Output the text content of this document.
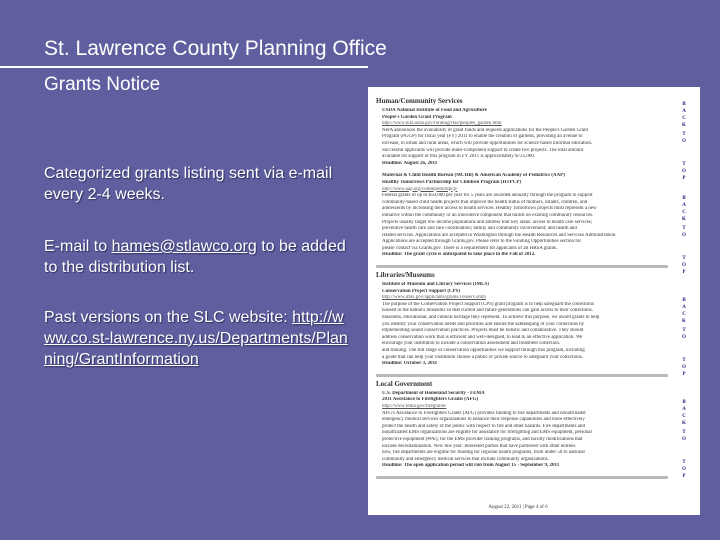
St. Lawrence County Planning Office
Grants Notice
Categorized grants listing sent via e-mail every 2-4 weeks.
E-mail to hames@stlawco.org to be added to the distribution list.
Past versions on the SLC website: http://www.co.st-lawrence.ny.us/Departments/Planning/GrantInformation
Human/Community Services
USDA National Institute of Food and Agriculture
People's Garden Grant Program
http://www.nifa.usda.gov/funding/rfas/peoples_garden.html
NIFA announces the availability of grant funds and requests applications for the People's Garden Grant
Program (PGGP) for fiscal year (FY) 2011 to enable the creation of gardens, providing an avenue to
increase, in urban and rural areas, which will provide opportunities for science based informal education.
Successful applicants will provide multi-component support to create two projects. The total amount
available for support of this program in FY 2011 is approximately $725,000.
Deadline: August 26, 2011
Maternal & Child Health Bureau (MCHB) & American Academy of Pediatrics (AAP)
Healthy Tomorrows Partnership for Children Program (HTPCP)
http://www.aap.org/commpeds/htpcp/
Federal grants of up to $50,000 per year for 5 years are awarded annually through the program to support
community-based child health projects that improve the health status of mothers, infants, children, and
adolescents by increasing their access to health services. Healthy Tomorrows projects must represent a new
initiative within the community or an innovative component that builds on existing community resources.
Projects usually target low income populations and address four key areas: access to health care services;
preventive health care and care coordination; family and community involvement; and health and
related services. Applications are accepted in Washington through the Health Resources and Services Administration.
Applications are accepted through Grants.gov. Please refer to the Funding Opportunities section for
please contact via Grants.gov. There is a requirement for applicants of all HRSA grants.
Deadline: The grant cycle is anticipated to take place in the Fall of 2012.
Libraries/Museums
Institute of Museum and Library Services (IMLS)
Conservation Project Support (CPS)
http://www.imls.gov/applicants/grants/conserv.shtm
The purpose of the Conservation Project Support (CPS) grant program is to help safeguard the collections
housed in the nation's museums so that current and future generations can gain access to their collections.
museums, educational, and cultural heritage they represent. To achieve this purpose, we award grants to help
you identify your conservation needs and priorities and ensure the safekeeping of your collections by
implementing sound conservation practices. Projects must be holistic and collaborative. They should
address conservation work that is efficient and well-designed, to lead to an effective application. We
encourage your institution to include a conservation assessment and treatment collection.
and training. The full range of conservation opportunities we support through this program, including
a guide that can help your institution choose a public or private source to safeguard your collections.
Deadline: October 3, 2011
Local Government
U.S. Department of Homeland Security - FEMA
2011 Assistance to Firefighters Grants (AFG)
http://www.fema.gov/firegrants/
AFG's Assistance to Firefighters Grants (AFG) provides funding to fire departments and nonaffiliated
emergency medical services organizations to enhance their response capabilities and more effectively
protect the health and safety of the public with respect to fire and other hazards. Fire departments and
nonaffiliated EMS organizations are eligible for assistance for firefighting and EMS equipment, personal
protective equipment (PPE), for the EMS provider training programs, and facility modifications that
include decontamination. New this year: Interested parties that have partnered with other entities
now, fire departments are eligible for funding for regional health programs, from under 50 to national
community and emergency medical services that include community organizations.
Deadline: The open application period will run from August 15 - September 9, 2011
B
A
C
K
T
O
T
O
P
B
A
C
K
T
O
T
O
P
B
A
C
K
T
O
T
O
P
B
A
C
K
T
O
T
O
P
August 22, 2011 | Page 4 of 6
